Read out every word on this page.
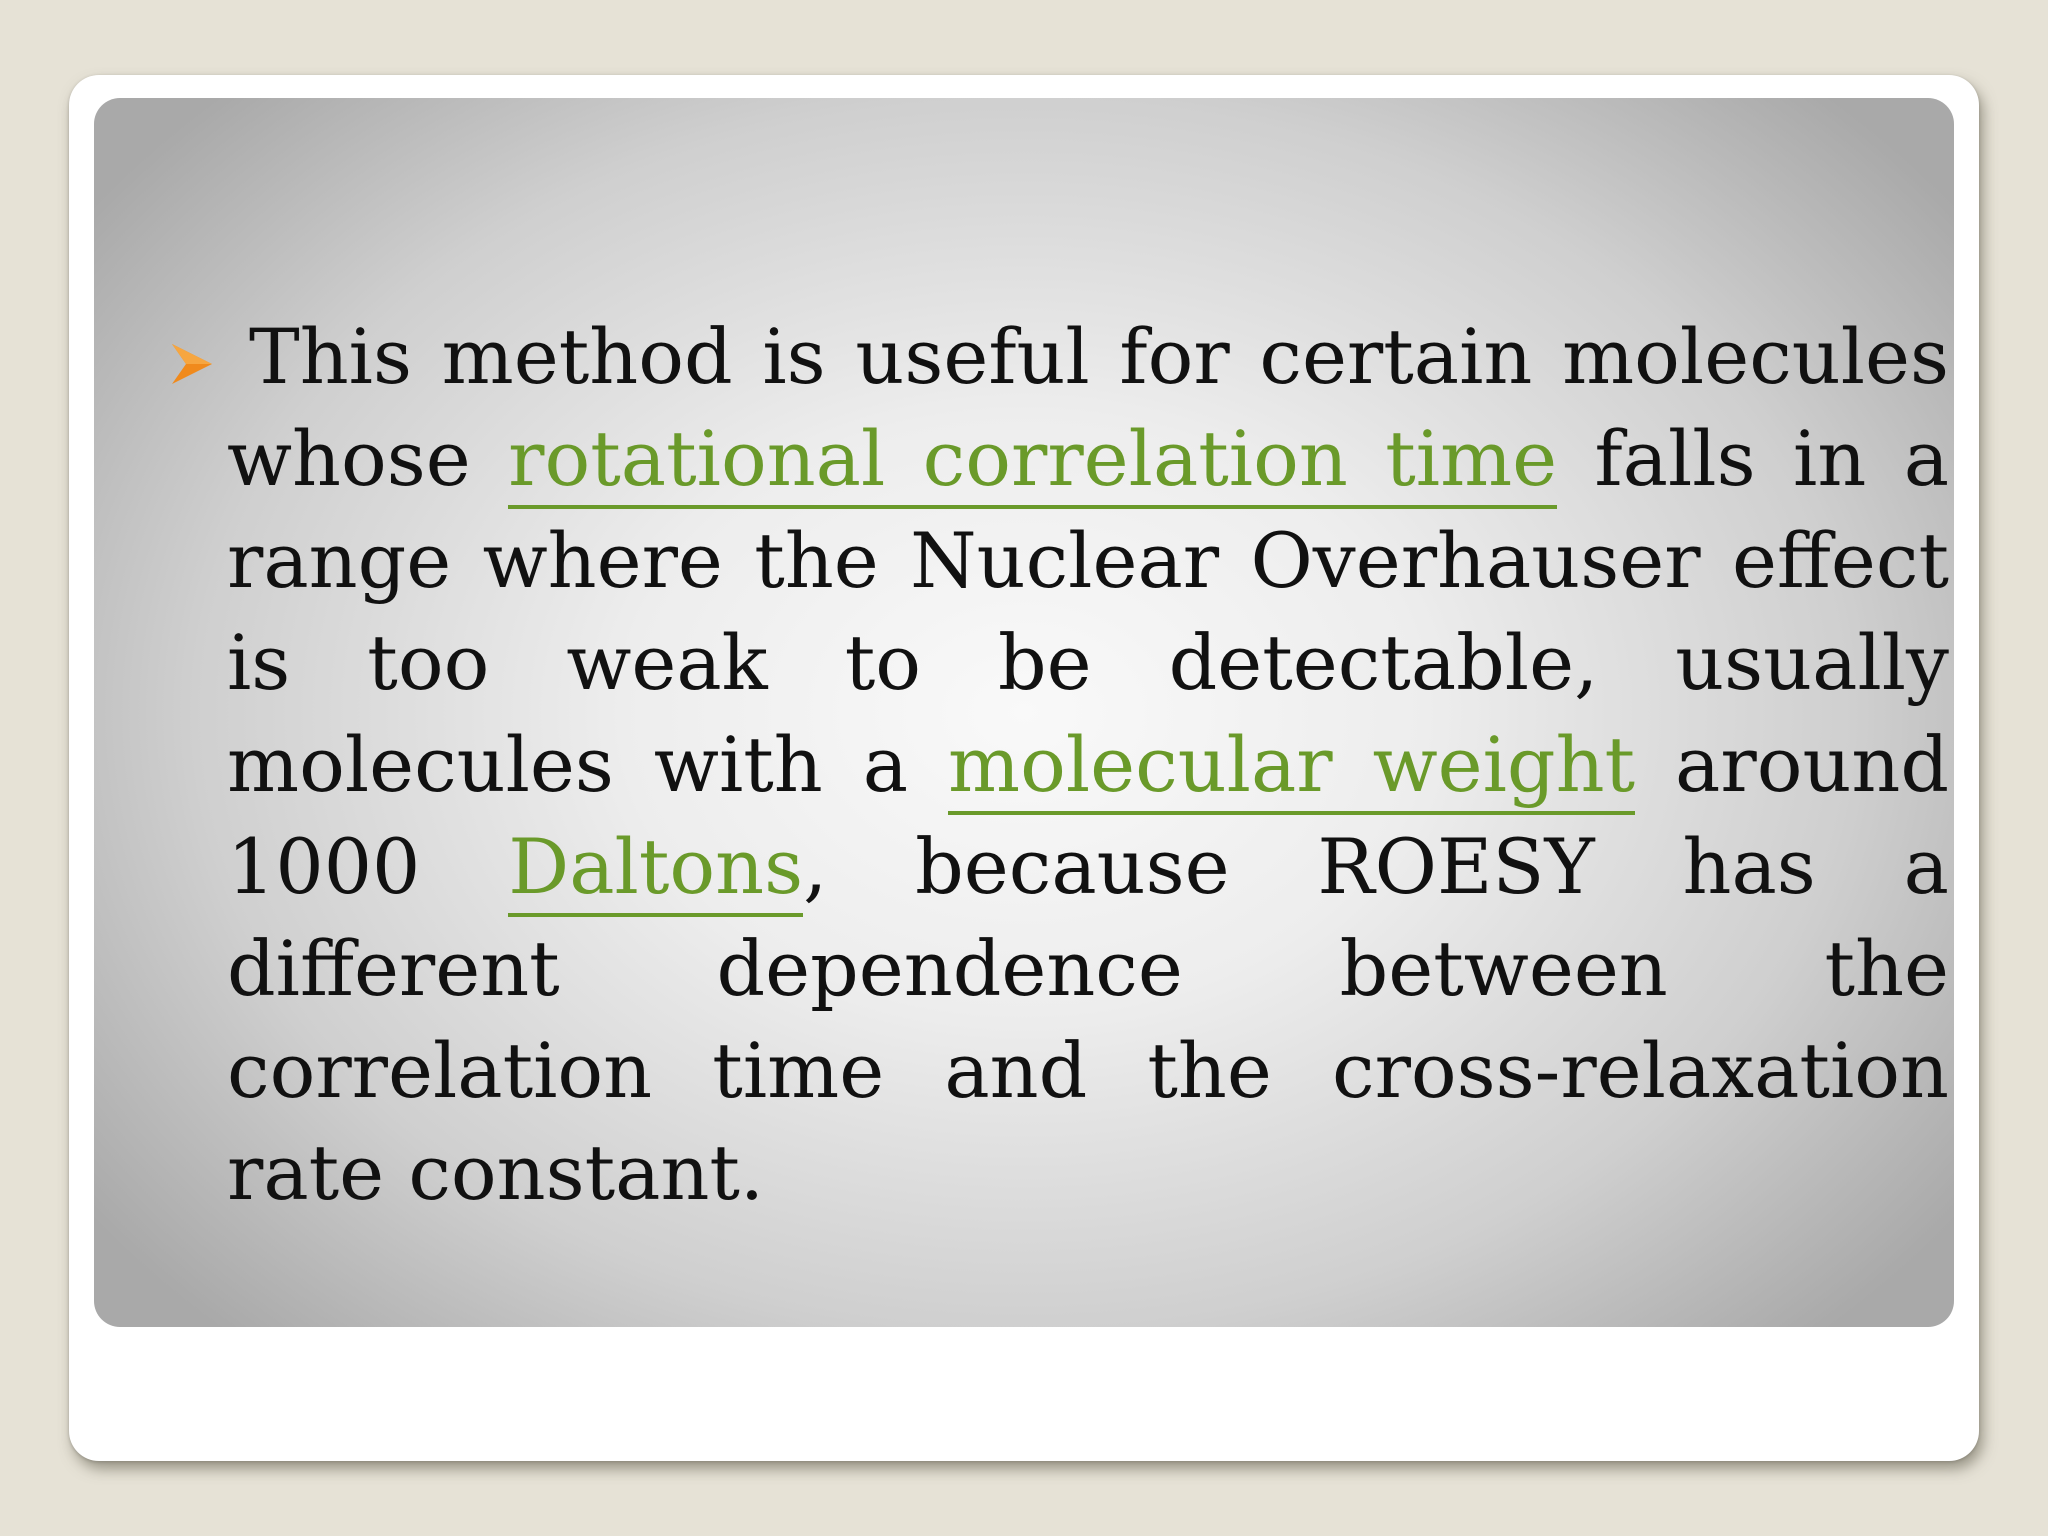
This method is useful for certain molecules whose rotational correlation time falls in a range where the Nuclear Overhauser effect is too weak to be detectable, usually molecules with a molecular weight around 1000 Daltons, because ROESY has a different dependence between the correlation time and the cross-relaxation rate constant.
